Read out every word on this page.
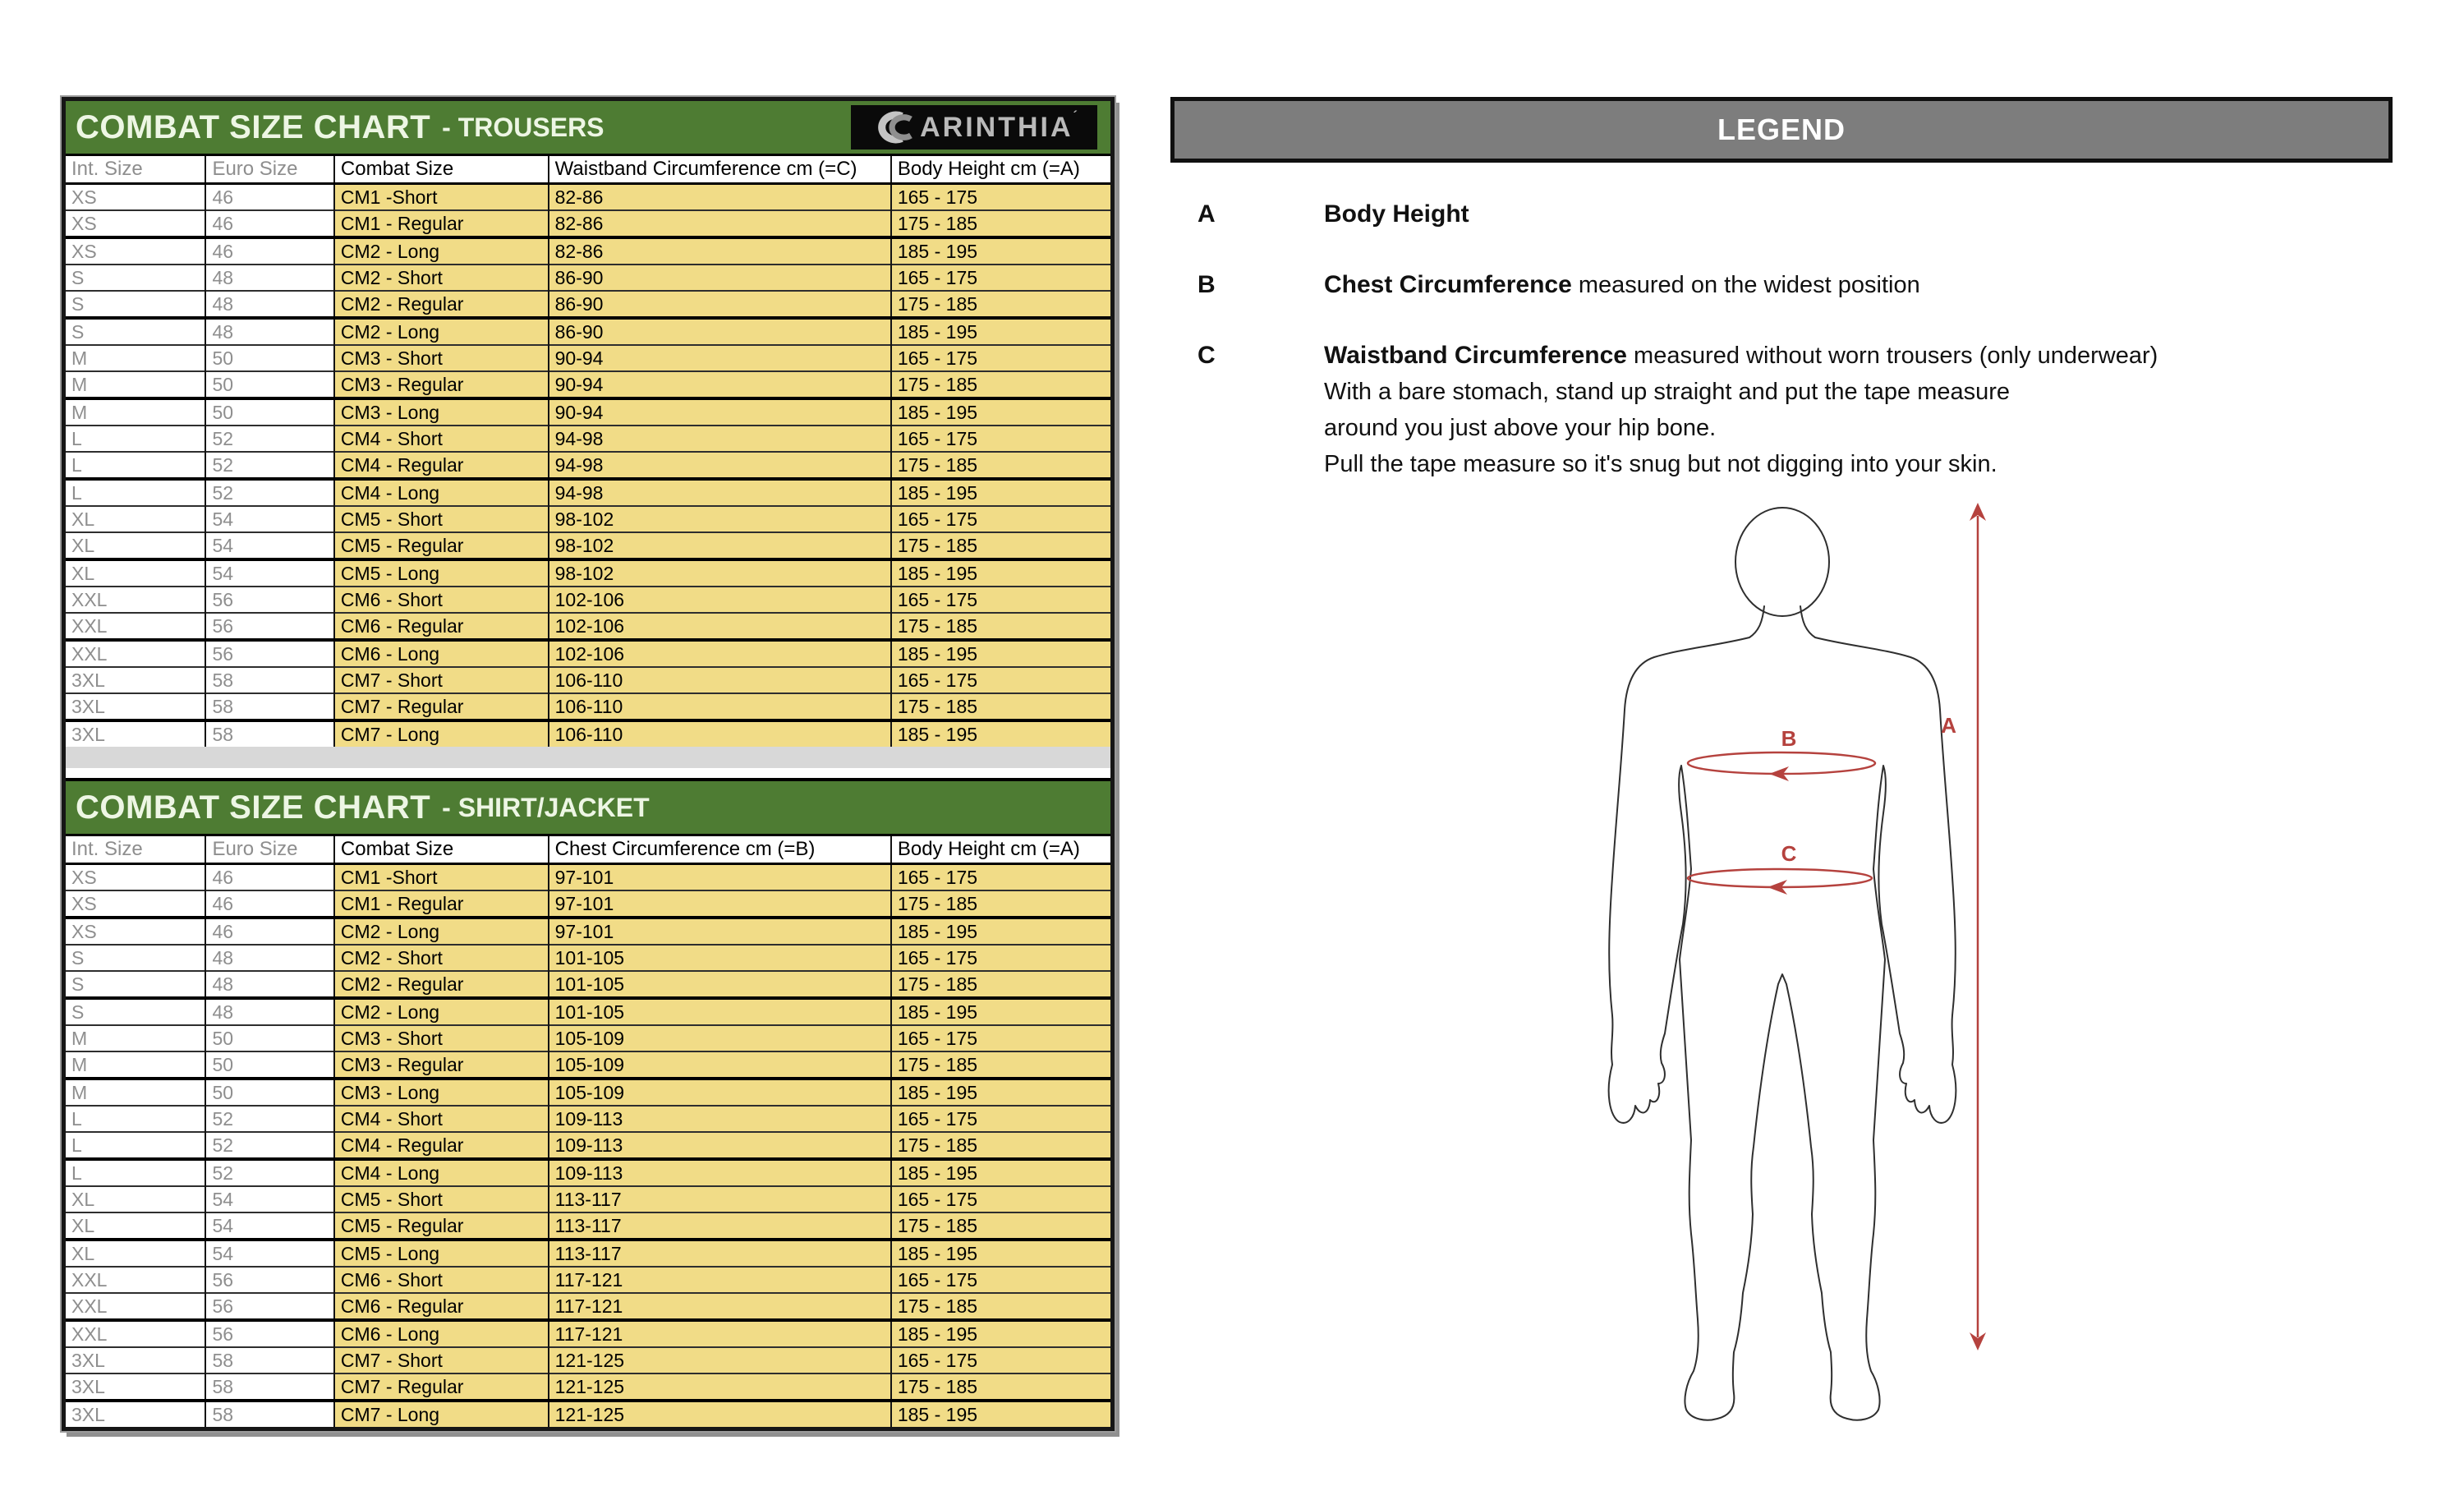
COMBAT SIZE CHART - TROUSERS	ARINTHIA ´
Int. Size	Euro Size	Combat Size	Waistband Circumference cm (=C)	Body Height cm (=A)
XS	46	CM1 -Short	82-86	165 - 175
XS	46	CM1 - Regular	82-86	175 - 185
XS	46	CM2 - Long	82-86	185 - 195
S	48	CM2 - Short	86-90	165 - 175
S	48	CM2 - Regular	86-90	175 - 185
S	48	CM2 - Long	86-90	185 - 195
M	50	CM3 - Short	90-94	165 - 175
M	50	CM3 - Regular	90-94	175 - 185
M	50	CM3 - Long	90-94	185 - 195
L	52	CM4 - Short	94-98	165 - 175
L	52	CM4 - Regular	94-98	175 - 185
L	52	CM4 - Long	94-98	185 - 195
XL	54	CM5 - Short	98-102	165 - 175
XL	54	CM5 - Regular	98-102	175 - 185
XL	54	CM5 - Long	98-102	185 - 195
XXL	56	CM6 - Short	102-106	165 - 175
XXL	56	CM6 - Regular	102-106	175 - 185
XXL	56	CM6 - Long	102-106	185 - 195
3XL	58	CM7 - Short	106-110	165 - 175
3XL	58	CM7 - Regular	106-110	175 - 185
3XL	58	CM7 - Long	106-110	185 - 195
COMBAT SIZE CHART - SHIRT/JACKET
Int. Size	Euro Size	Combat Size	Chest Circumference cm (=B)	Body Height cm (=A)
XS	46	CM1 -Short	97-101	165 - 175
XS	46	CM1 - Regular	97-101	175 - 185
XS	46	CM2 - Long	97-101	185 - 195
S	48	CM2 - Short	101-105	165 - 175
S	48	CM2 - Regular	101-105	175 - 185
S	48	CM2 - Long	101-105	185 - 195
M	50	CM3 - Short	105-109	165 - 175
M	50	CM3 - Regular	105-109	175 - 185
M	50	CM3 - Long	105-109	185 - 195
L	52	CM4 - Short	109-113	165 - 175
L	52	CM4 - Regular	109-113	175 - 185
L	52	CM4 - Long	109-113	185 - 195
XL	54	CM5 - Short	113-117	165 - 175
XL	54	CM5 - Regular	113-117	175 - 185
XL	54	CM5 - Long	113-117	185 - 195
XXL	56	CM6 - Short	117-121	165 - 175
XXL	56	CM6 - Regular	117-121	175 - 185
XXL	56	CM6 - Long	117-121	185 - 195
3XL	58	CM7 - Short	121-125	165 - 175
3XL	58	CM7 - Regular	121-125	175 - 185
3XL	58	CM7 - Long	121-125	185 - 195
LEGEND
A	Body Height
B	Chest Circumference measured on the widest position
C	Waistband Circumference measured without worn trousers (only underwear)
With a bare stomach, stand up straight and put the tape measure
around you just above your hip bone.
Pull the tape measure so it's snug but not digging into your skin.
A
B
C
